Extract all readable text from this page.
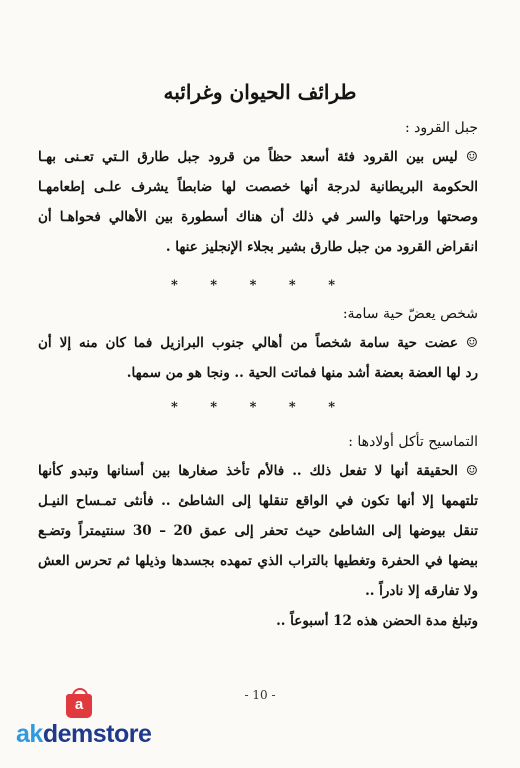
طرائف الحيوان وغرائبه
جبل القرود :
☺ ليس بين القرود فئة أسعد حظاً من قرود جبل طارق الـتي تعـنى بهـا
الحكومة البريطانية لدرجة أنها خصصت لها ضابطاً يشرف علـى إطعامهـا
وصحتها وراحتها والسر في ذلك أن هناك أسطورة بين الأهالي فحواهـا أن
انقراض القرود من جبل طارق بشير بجلاء الإنجليز عنها .
* * * * *
شخص يعضّ حية سامة:
☺ عضت حية سامة شخصاً من أهالي جنوب البرازيل فما كان منه إلا أن
رد لها العضة بعضة أشد منها فماتت الحية .. ونجا هو من سمها.
* * * * *
التماسيح تأكل أولادها :
☺ الحقيقة أنها لا تفعل ذلك .. فالأم تأخذ صغارها بين أسنانها وتبدو كأنها
تلتهمها إلا أنها تكون في الواقع تنقلها إلى الشاطئ .. فأنثى تمـساح النيـل
تنقل بيوضها إلى الشاطئ حيث تحفر إلى عمق 20 – 30 سنتيمتراً وتضـع
بيضها في الحفرة وتغطيها بالتراب الذي تمهده بجسدها وذيلها ثم تحرس العش
ولا تفارقه إلا نادراً ..
وتبلغ مدة الحضن هذه 12 أسبوعاً ..
- 10 -
a
akdemstore
